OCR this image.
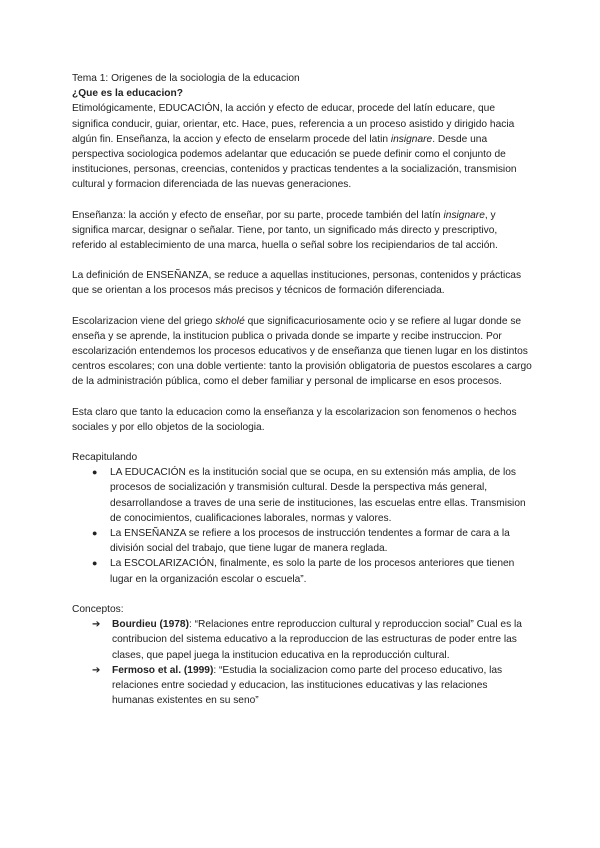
Tema 1: Origenes de la sociologia de la educacion

¿Que es la educacion?

Etimológicamente, EDUCACIÓN, la acción y efecto de educar, procede del latín educare, que significa conducir, guiar, orientar, etc. Hace, pues, referencia a un proceso asistido y dirigido hacia algún fin. Enseñanza, la accion y efecto de enselarm procede del latin insignare. Desde una perspectiva sociologica podemos adelantar que educación se puede definir como el conjunto de instituciones, personas, creencias, contenidos y practicas tendentes a la socialización, transmision cultural y formacion diferenciada de las nuevas generaciones.

Enseñanza: la acción y efecto de enseñar, por su parte, procede también del latín insignare, y significa marcar, designar o señalar. Tiene, por tanto, un significado más directo y prescriptivo, referido al establecimiento de una marca, huella o señal sobre los recipiendarios de tal acción.

La definición de ENSEÑANZA, se reduce a aquellas instituciones, personas, contenidos y prácticas que se orientan a los procesos más precisos y técnicos de formación diferenciada.

Escolarizacion viene del griego skholé que significacuriosamente ocio y se refiere al lugar donde se enseña y se aprende, la institucion publica o privada donde se imparte y recibe instruccion. Por escolarización entendemos los procesos educativos y de enseñanza que tienen lugar en los distintos centros escolares; con una doble vertiente: tanto la provisión obligatoria de puestos escolares a cargo de la administración pública, como el deber familiar y personal de implicarse en esos procesos.

Esta claro que tanto la educacion como la enseñanza y la escolarizacion son fenomenos o hechos sociales y por ello objetos de la sociologia.

Recapitulando

● LA EDUCACIÓN es la institución social que se ocupa, en su extensión más amplia, de los procesos de socialización y transmisión cultural. Desde la perspectiva más general, desarrollandose a traves de una serie de instituciones, las escuelas entre ellas. Transmision de conocimientos, cualificaciones laborales, normas y valores.
● La ENSEÑANZA se refiere a los procesos de instrucción tendentes a formar de cara a la división social del trabajo, que tiene lugar de manera reglada.
● La ESCOLARIZACIÓN, finalmente, es solo la parte de los procesos anteriores que tienen lugar en la organización escolar o escuela”.

Conceptos:

➔ Bourdieu (1978): “Relaciones entre reproduccion cultural y reproduccion social” Cual es la contribucion del sistema educativo a la reproduccion de las estructuras de poder entre las clases, que papel juega la institucion educativa en la reproducción cultural.
➔ Fermoso et al. (1999): “Estudia la socializacion como parte del proceso educativo, las relaciones entre sociedad y educacion, las instituciones educativas y las relaciones humanas existentes en su seno”
